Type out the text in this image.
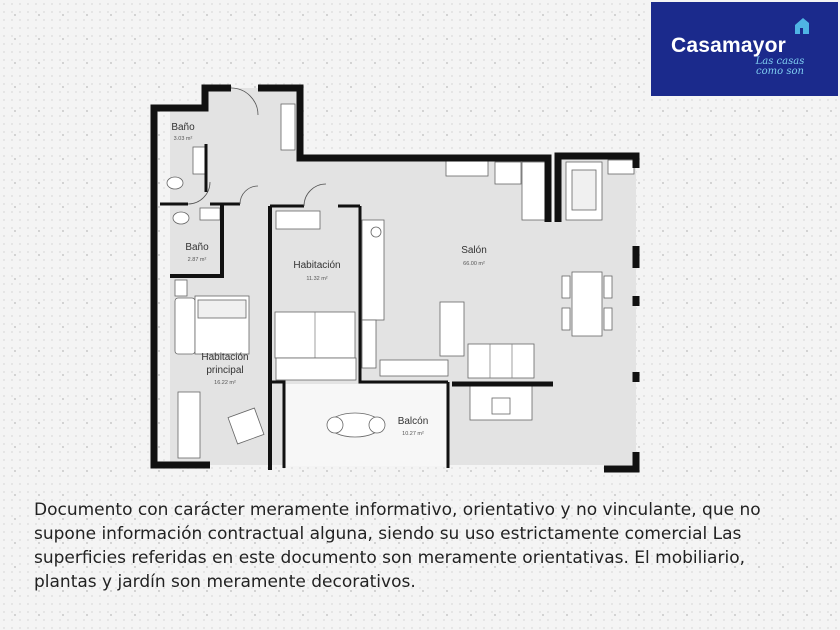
Casamayor
Las casas
como son
Baño
3.03 m²
Baño
2.87 m²	Habitación
11.32 m²
Salón
66.00 m²
Habitación
principal
16.22 m²
Balcón
10.27 m²
Documento con carácter meramente informativo, orientativo y no vinculante, que no
supone información contractual alguna, siendo su uso estrictamente comercial Las
superficies referidas en este documento son meramente orientativas. El mobiliario,
plantas y jardín son meramente decorativos.
